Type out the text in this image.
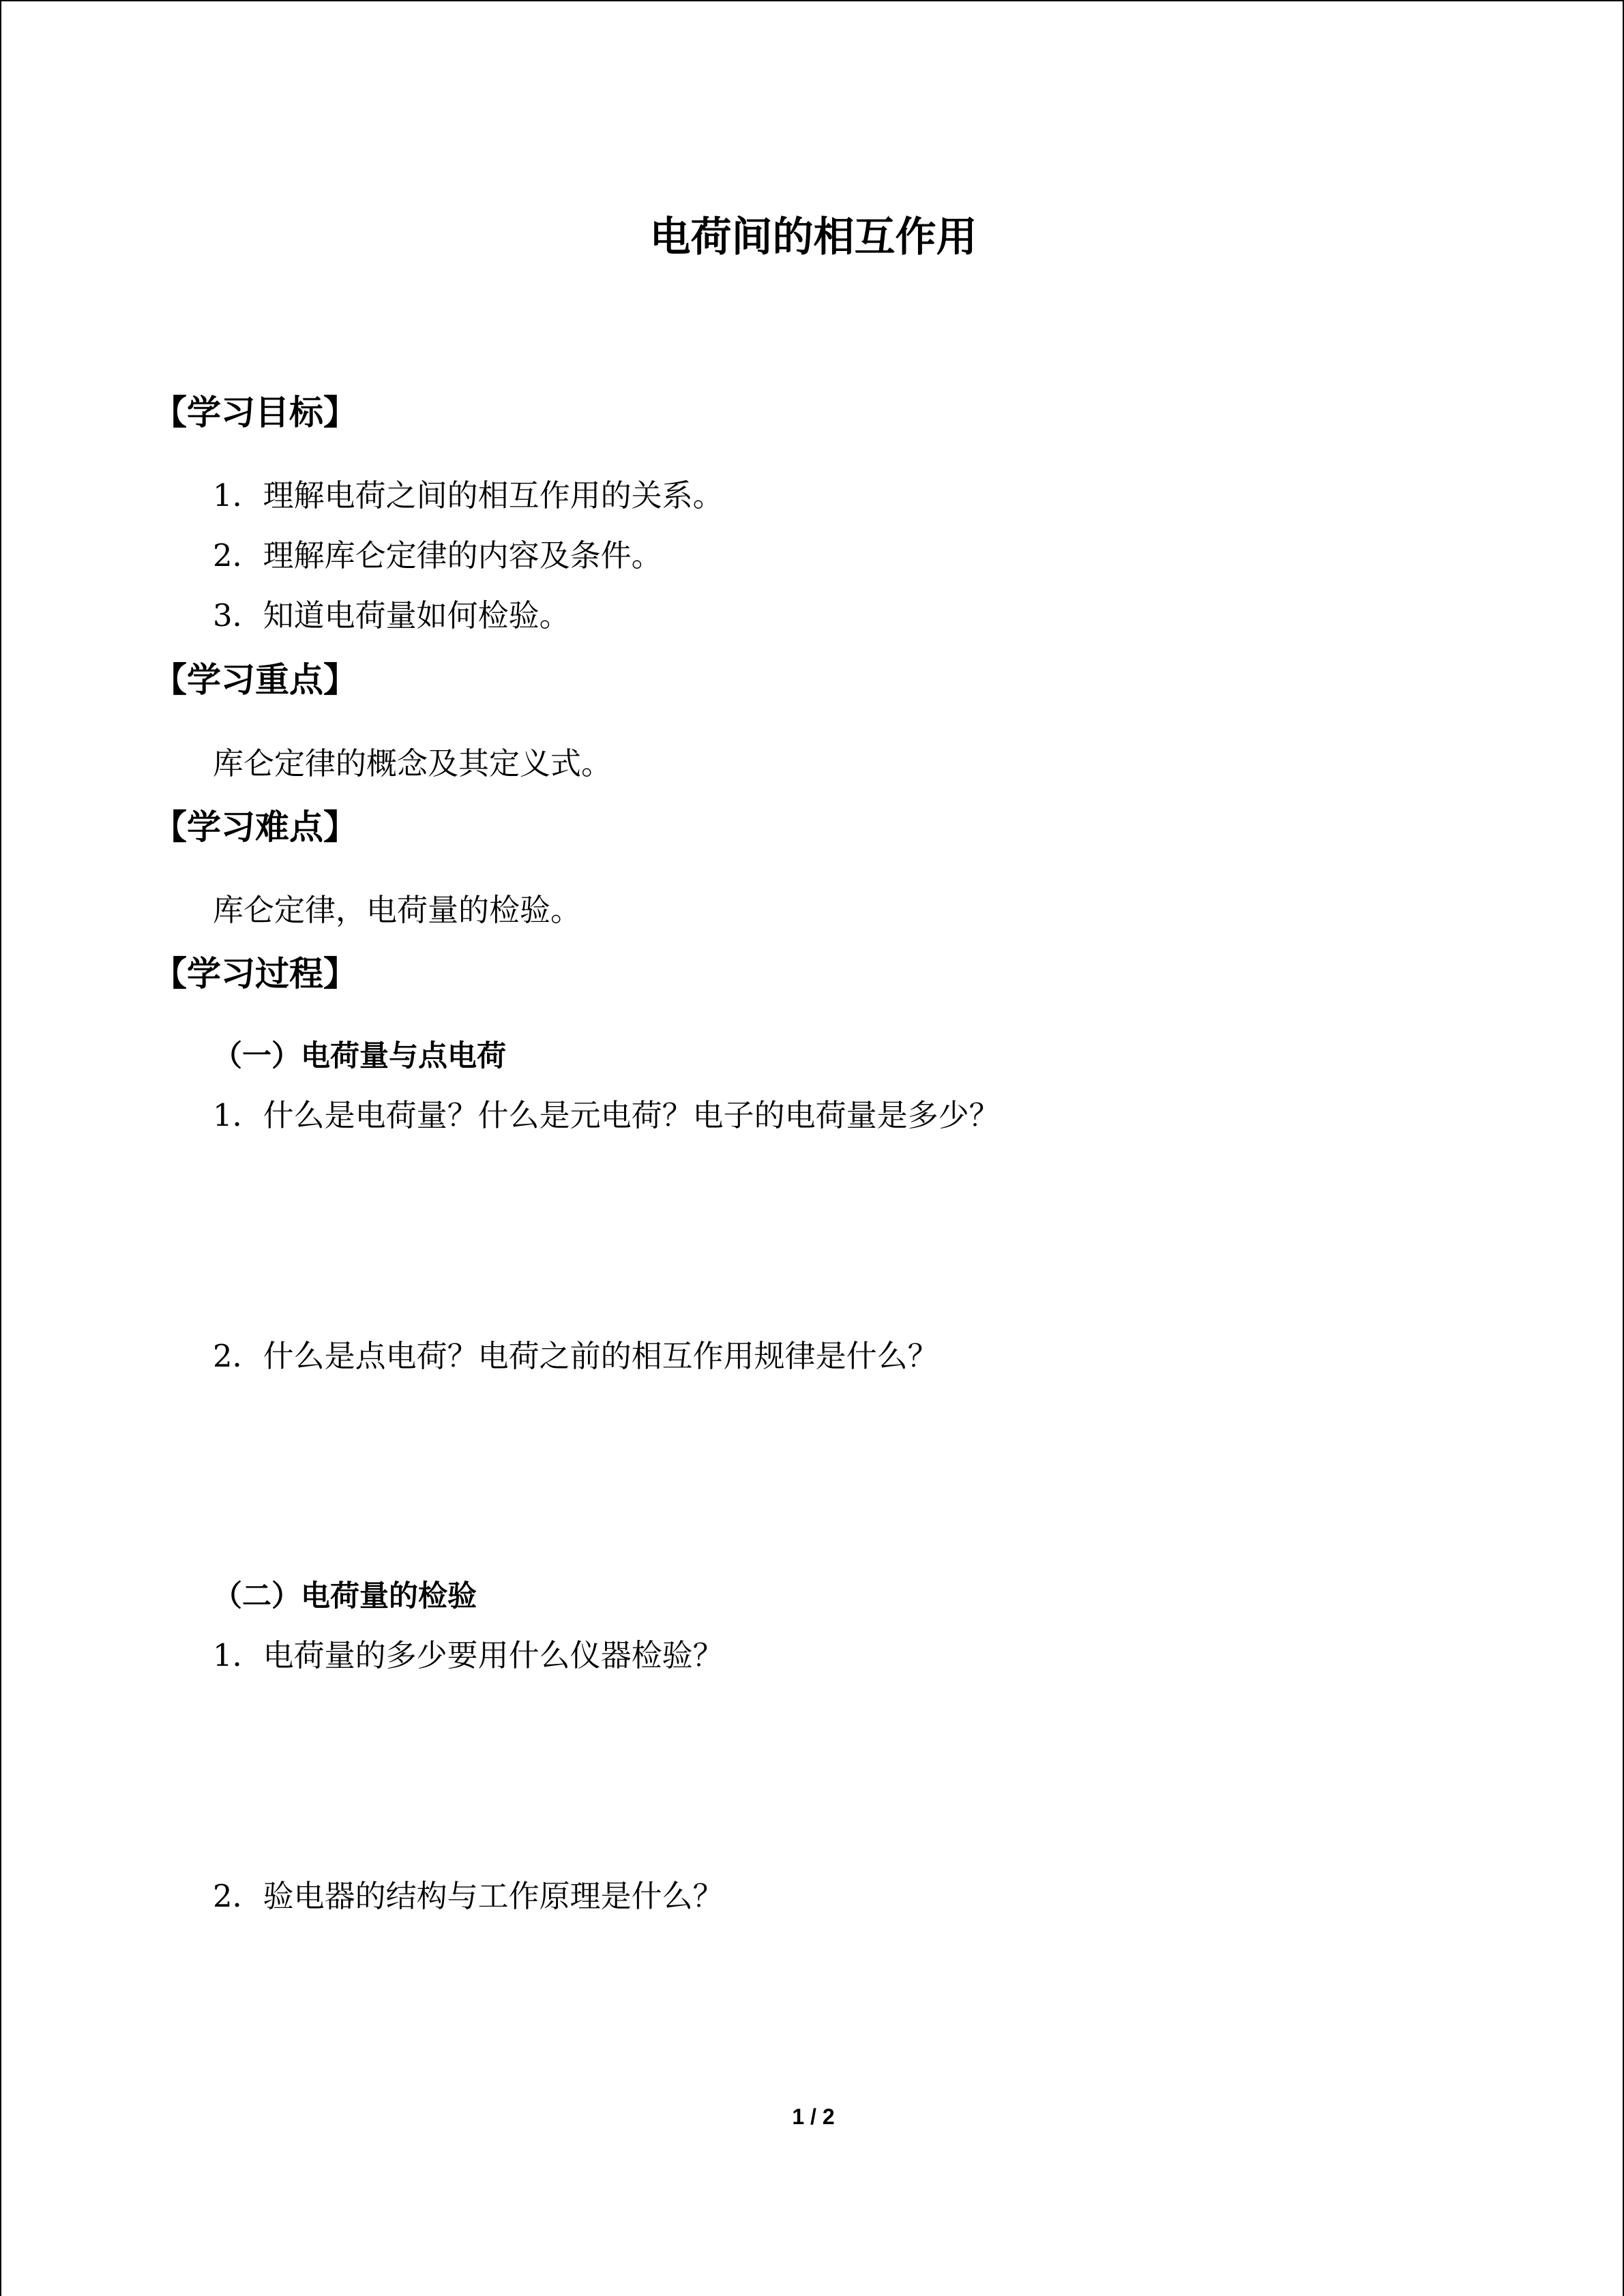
电荷间的相互作用
【学习目标】
1．理解电荷之间的相互作用的关系。
2．理解库仑定律的内容及条件。
3．知道电荷量如何检验。
【学习重点】
库仑定律的概念及其定义式。
【学习难点】
库仑定律，电荷量的检验。
【学习过程】
（一）电荷量与点电荷
1．什么是电荷量？什么是元电荷？电子的电荷量是多少？
2．什么是点电荷？电荷之前的相互作用规律是什么？
（二）电荷量的检验
1．电荷量的多少要用什么仪器检验？
2．验电器的结构与工作原理是什么？
1 / 2
